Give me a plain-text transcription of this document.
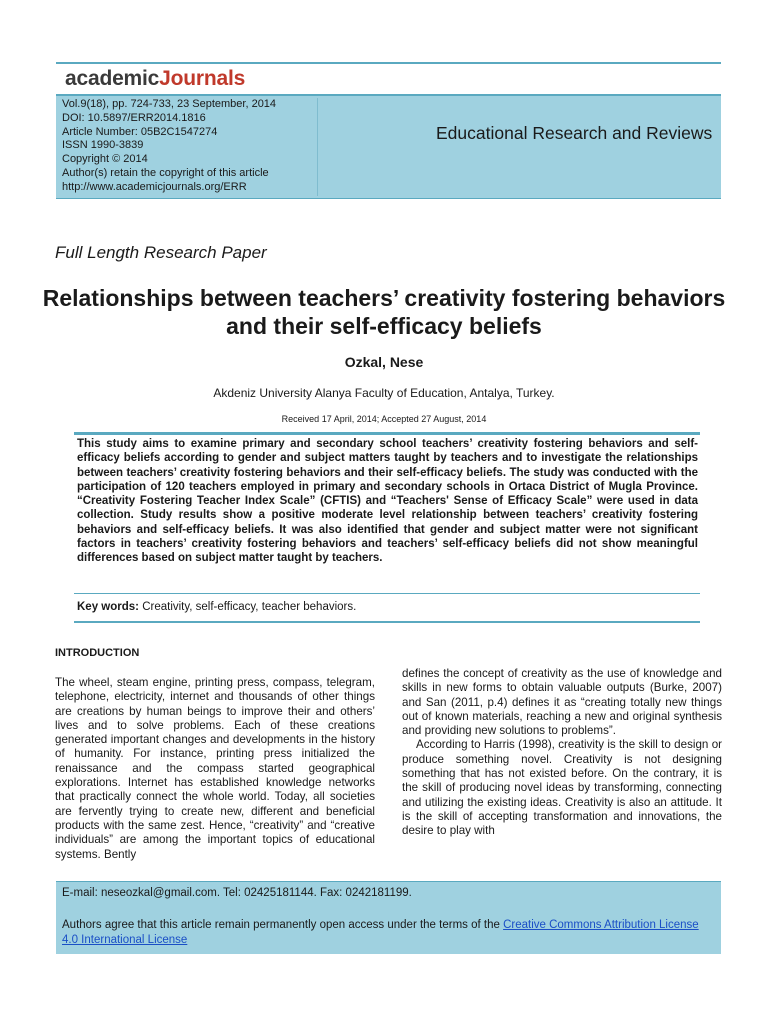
academicJournals
Vol.9(18), pp. 724-733, 23 September, 2014
DOI: 10.5897/ERR2014.1816
Article Number: 05B2C1547274
ISSN 1990-3839
Copyright © 2014
Author(s) retain the copyright of this article
http://www.academicjournals.org/ERR
Educational Research and Reviews
Full Length Research Paper
Relationships between teachers’ creativity fostering behaviors and their self-efficacy beliefs
Ozkal, Nese
Akdeniz University Alanya Faculty of Education, Antalya, Turkey.
Received 17 April, 2014; Accepted 27 August, 2014
This study aims to examine primary and secondary school teachers’ creativity fostering behaviors and self-efficacy beliefs according to gender and subject matters taught by teachers and to investigate the relationships between teachers’ creativity fostering behaviors and their self-efficacy beliefs. The study was conducted with the participation of 120 teachers employed in primary and secondary schools in Ortaca District of Mugla Province. “Creativity Fostering Teacher Index Scale” (CFTIS) and “Teachers' Sense of Efficacy Scale” were used in data collection. Study results show a positive moderate level relationship between teachers’ creativity fostering behaviors and self-efficacy beliefs. It was also identified that gender and subject matter were not significant factors in teachers’ creativity fostering behaviors and teachers’ self-efficacy beliefs did not show meaningful differences based on subject matter taught by teachers.
Key words: Creativity, self-efficacy, teacher behaviors.
INTRODUCTION

The wheel, steam engine, printing press, compass, telegram, telephone, electricity, internet and thousands of other things are creations by human beings to improve their and others’ lives and to solve problems. Each of these creations generated important changes and developments in the history of humanity. For instance, printing press initialized the renaissance and the compass started geographical explorations. Internet has established knowledge networks that practically connect the whole world. Today, all societies are fervently trying to create new, different and beneficial products with the same zest. Hence, “creativity” and “creative individuals” are among the important topics of educational systems. Bently

defines the concept of creativity as the use of knowledge and skills in new forms to obtain valuable outputs (Burke, 2007) and San (2011, p.4) defines it as “creating totally new things out of known materials, reaching a new and original synthesis and providing new solutions to problems”.

According to Harris (1998), creativity is the skill to design or produce something novel. Creativity is not designing something that has not existed before. On the contrary, it is the skill of producing novel ideas by transforming, connecting and utilizing the existing ideas. Creativity is also an attitude. It is the skill of accepting transformation and innovations, the desire to play with

E-mail: neseozkal@gmail.com. Tel: 02425181144. Fax: 0242181199.
Authors agree that this article remain permanently open access under the terms of the Creative Commons Attribution License 4.0 International License
